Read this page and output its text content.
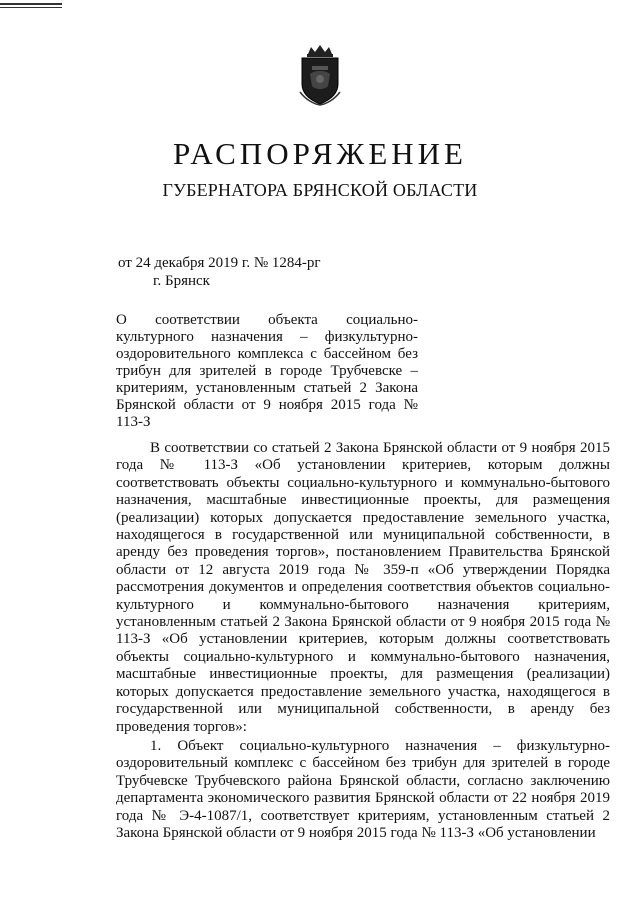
РАСПОРЯЖЕНИЕ
ГУБЕРНАТОРА БРЯНСКОЙ ОБЛАСТИ
от 24 декабря 2019 г. № 1284-рг
г. Брянск
О соответствии объекта социально-культурного назначения – физкультурно-оздоровительного комплекса с бассейном без трибун для зрителей в городе Трубчевске – критериям, установленным статьей 2 Закона Брянской области от 9 ноября 2015 года № 113-З

В соответствии со статьей 2 Закона Брянской области от 9 ноября 2015 года № 113-З «Об установлении критериев, которым должны соответствовать объекты социально-культурного и коммунально-бытового назначения, масштабные инвестиционные проекты, для размещения (реализации) которых допускается предоставление земельного участка, находящегося в государственной или муниципальной собственности, в аренду без проведения торгов», постановлением Правительства Брянской области от 12 августа 2019 года № 359-п «Об утверждении Порядка рассмотрения документов и определения соответствия объектов социально-культурного и коммунально-бытового назначения критериям, установленным статьей 2 Закона Брянской области от 9 ноября 2015 года № 113-З «Об установлении критериев, которым должны соответствовать объекты социально-культурного и коммунально-бытового назначения, масштабные инвестиционные проекты, для размещения (реализации) которых допускается предоставление земельного участка, находящегося в государственной или муниципальной собственности, в аренду без проведения торгов»:

1. Объект социально-культурного назначения – физкультурно-оздоровительный комплекс с бассейном без трибун для зрителей в городе Трубчевске Трубчевского района Брянской области, согласно заключению департамента экономического развития Брянской области от 22 ноября 2019 года № Э-4-1087/1, соответствует критериям, установленным статьей 2 Закона Брянской области от 9 ноября 2015 года № 113-З «Об установлении
